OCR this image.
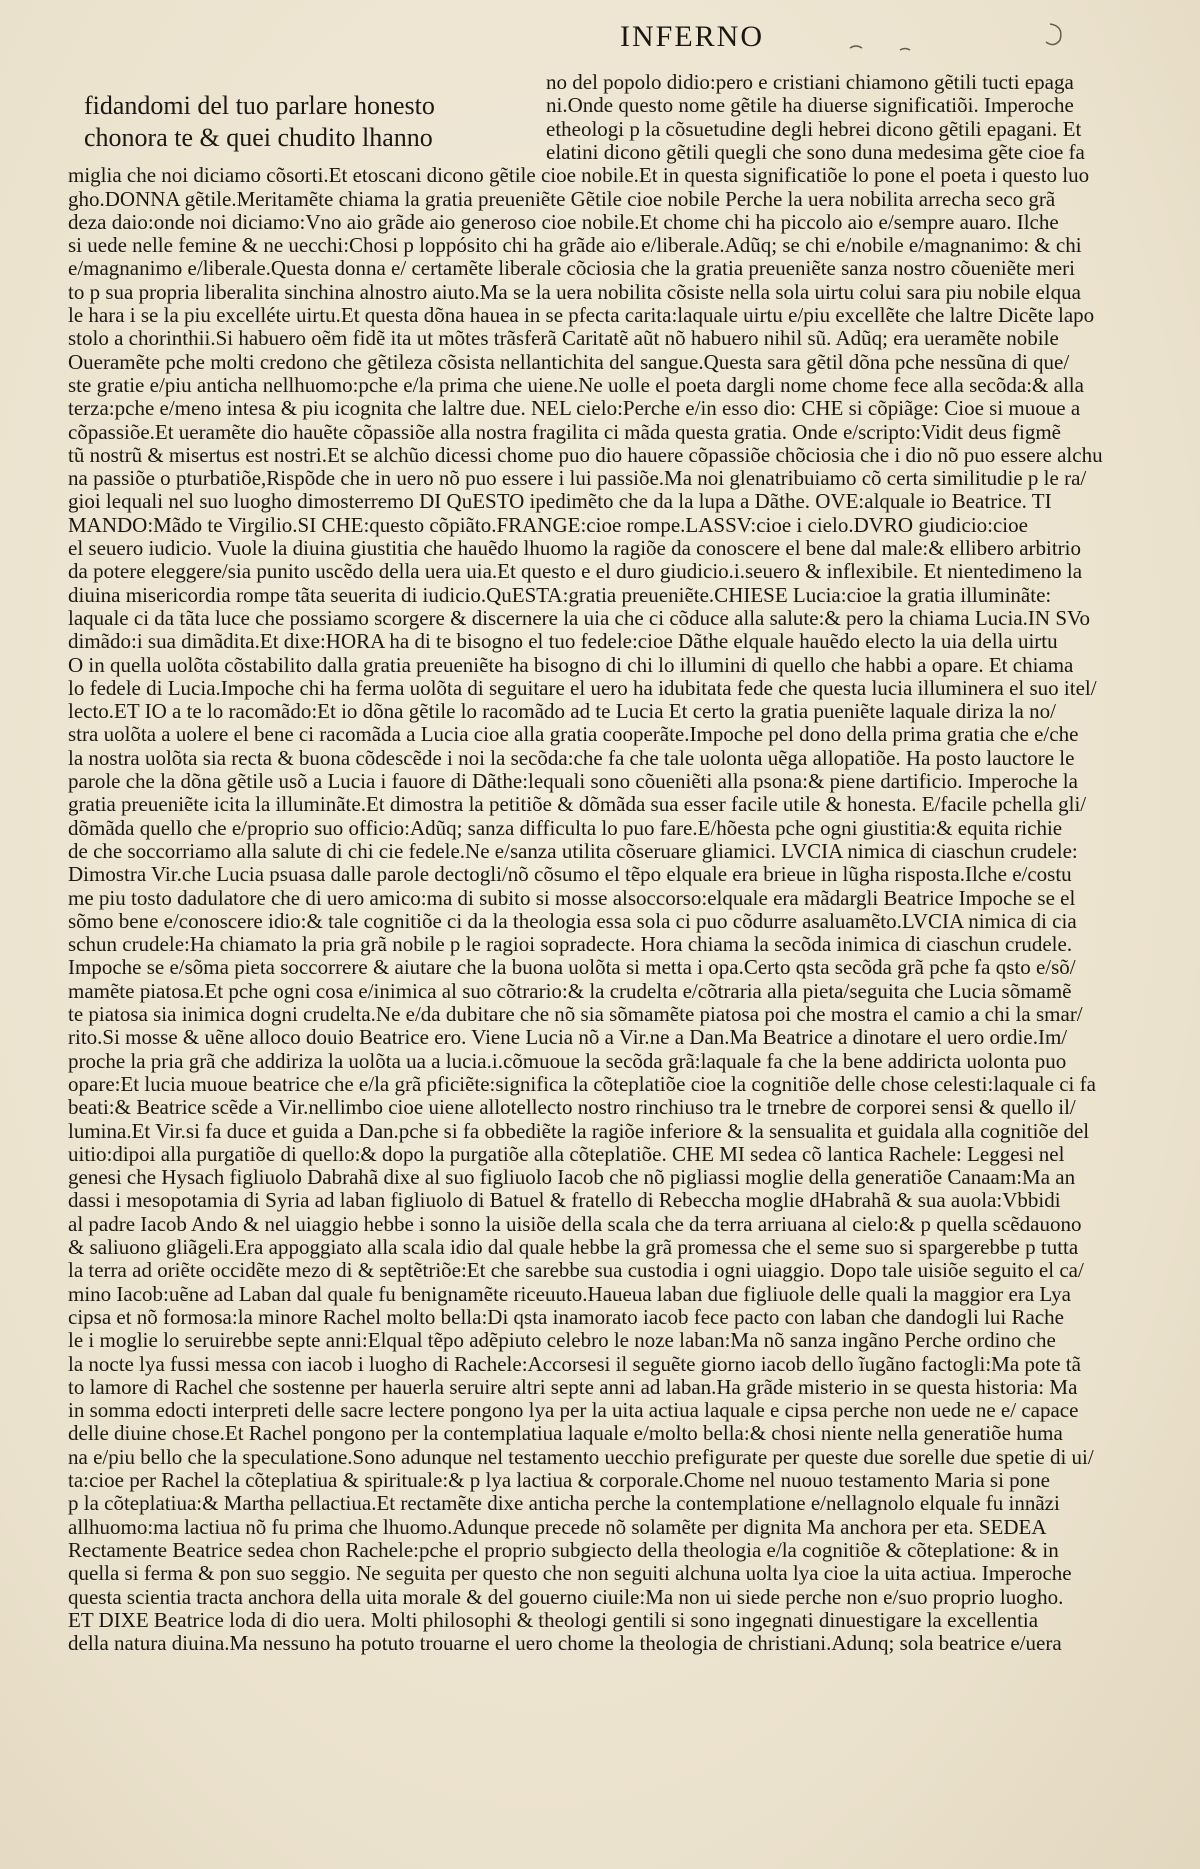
INFERNO
fidandomi del tuo parlare honesto
chonora te & quei chudito lhanno
no del popolo didio:pero e cristiani chiamono gẽtili tucti epaga
ni.Onde questo nome gẽtile ha diuerse significatiõi. Imperoche
etheologi p la cõsuetudine degli hebrei dicono gẽtili epagani. Et
elatini dicono gẽtili quegli che sono duna medesima gẽte cioe fa
miglia che noi diciamo cõsorti.Et etoscani dicono gẽtile cioe nobile.Et in questa significatiõe lo pone el poeta i questo luo
gho.DONNA gẽtile.Meritamẽte chiama la gratia preueniẽte Gẽtile cioe nobile Perche la uera nobilita arrecha seco grã
deza daio:onde noi diciamo:Vno aio grãde aio generoso cioe nobile.Et chome chi ha piccolo aio e/sempre auaro. Ilche
si uede nelle femine & ne uecchi:Chosi p loppósito chi ha grãde aio e/liberale.Adũq; se chi e/nobile e/magnanimo: & chi
e/magnanimo e/liberale.Questa donna e/ certamẽte liberale cõciosia che la gratia preueniẽte sanza nostro cõueniẽte meri
to p sua propria liberalita sinchina alnostro aiuto.Ma se la uera nobilita cõsiste nella sola uirtu colui sara piu nobile elqua
le hara i se la piu excelléte uirtu.Et questa dõna hauea in se pfecta carita:laquale uirtu e/piu excellẽte che laltre Dicẽte lapo
stolo a chorinthii.Si habuero oẽm fidẽ ita ut mõtes trãsferã Caritatẽ aũt nõ habuero nihil sũ. Adũq; era ueramẽte nobile
Oueramẽte pche molti credono che gẽtileza cõsista nellantichita del sangue.Questa sara gẽtil dõna pche nessũna di que/
ste gratie e/piu anticha nellhuomo:pche e/la prima che uiene.Ne uolle el poeta dargli nome chome fece alla secõda:& alla
terza:pche e/meno intesa & piu icognita che laltre due. NEL cielo:Perche e/in esso dio: CHE si cõpiãge: Cioe si muoue a
cõpassiõe.Et ueramẽte dio hauẽte cõpassiõe alla nostra fragilita ci mãda questa gratia. Onde e/scripto:Vidit deus figmẽ
tũ nostrũ & misertus est nostri.Et se alchũo dicessi chome puo dio hauere cõpassiõe chõciosia che i dio nõ puo essere alchu
na passiõe o pturbatiõe,Rispõde che in uero nõ puo essere i lui passiõe.Ma noi glenatribuiamo cõ certa similitudie p le ra/
gioi lequali nel suo luogho dimosterremo DI QuESTO ipedimẽto che da la lupa a Dãthe. OVE:alquale io Beatrice. TI
MANDO:Mãdo te Virgilio.SI CHE:questo cõpiãto.FRANGE:cioe rompe.LASSV:cioe i cielo.DVRO giudicio:cioe
el seuero iudicio. Vuole la diuina giustitia che hauẽdo lhuomo la ragiõe da conoscere el bene dal male:& ellibero arbitrio
da potere eleggere/sia punito uscẽdo della uera uia.Et questo e el duro giudicio.i.seuero & inflexibile. Et nientedimeno la
diuina misericordia rompe tãta seuerita di iudicio.QuESTA:gratia preueniẽte.CHIESE Lucia:cioe la gratia illuminãte:
laquale ci da tãta luce che possiamo scorgere & discernere la uia che ci cõduce alla salute:& pero la chiama Lucia.IN SVo
dimãdo:i sua dimãdita.Et dixe:HORA ha di te bisogno el tuo fedele:cioe Dãthe elquale hauẽdo electo la uia della uirtu
O in quella uolõta cõstabilito dalla gratia preueniẽte ha bisogno di chi lo illumini di quello che habbi a opare. Et chiama
lo fedele di Lucia.Impoche chi ha ferma uolõta di seguitare el uero ha idubitata fede che questa lucia illuminera el suo itel/
lecto.ET IO a te lo racomãdo:Et io dõna gẽtile lo racomãdo ad te Lucia Et certo la gratia pueniẽte laquale diriza la no/
stra uolõta a uolere el bene ci racomãda a Lucia cioe alla gratia cooperãte.Impoche pel dono della prima gratia che e/che
la nostra uolõta sia recta & buona cõdescẽde i noi la secõda:che fa che tale uolonta uẽga allopatiõe. Ha posto lauctore le
parole che la dõna gẽtile usõ a Lucia i fauore di Dãthe:lequali sono cõueniẽti alla psona:& piene dartificio. Imperoche la
gratia preueniẽte icita la illuminãte.Et dimostra la petitiõe & dõmãda sua esser facile utile & honesta. E/facile pchella gli/
dõmãda quello che e/proprio suo officio:Adũq; sanza difficulta lo puo fare.E/hõesta pche ogni giustitia:& equita richie
de che soccorriamo alla salute di chi cie fedele.Ne e/sanza utilita cõseruare gliamici. LVCIA nimica di ciaschun crudele:
Dimostra Vir.che Lucia psuasa dalle parole dectogli/nõ cõsumo el tẽpo elquale era brieue in lũgha risposta.Ilche e/costu
me piu tosto dadulatore che di uero amico:ma di subito si mosse alsoccorso:elquale era mãdargli Beatrice Impoche se el
sõmo bene e/conoscere idio:& tale cognitiõe ci da la theologia essa sola ci puo cõdurre asaluamẽto.LVCIA nimica di cia
schun crudele:Ha chiamato la pria grã nobile p le ragioi sopradecte. Hora chiama la secõda inimica di ciaschun crudele.
Impoche se e/sõma pieta soccorrere & aiutare che la buona uolõta si metta i opa.Certo qsta secõda grã pche fa qsto e/sõ/
mamẽte piatosa.Et pche ogni cosa e/inimica al suo cõtrario:& la crudelta e/cõtraria alla pieta/seguita che Lucia sõmamẽ
te piatosa sia inimica dogni crudelta.Ne e/da dubitare che nõ sia sõmamẽte piatosa poi che mostra el camio a chi la smar/
rito.Si mosse & uẽne alloco douio Beatrice ero. Viene Lucia nõ a Vir.ne a Dan.Ma Beatrice a dinotare el uero ordie.Im/
proche la pria grã che addiriza la uolõta ua a lucia.i.cõmuoue la secõda grã:laquale fa che la bene addiricta uolonta puo
opare:Et lucia muoue beatrice che e/la grã pficiẽte:significa la cõteplatiõe cioe la cognitiõe delle chose celesti:laquale ci fa
beati:& Beatrice scẽde a Vir.nellimbo cioe uiene allotellecto nostro rinchiuso tra le trnebre de corporei sensi & quello il/
lumina.Et Vir.si fa duce et guida a Dan.pche si fa obbediẽte la ragiõe inferiore & la sensualita et guidala alla cognitiõe del
uitio:dipoi alla purgatiõe di quello:& dopo la purgatiõe alla cõteplatiõe. CHE MI sedea cõ lantica Rachele: Leggesi nel
genesi che Hysach figliuolo Dabrahã dixe al suo figliuolo Iacob che nõ pigliassi moglie della generatiõe Canaam:Ma an
dassi i mesopotamia di Syria ad laban figliuolo di Batuel & fratello di Rebeccha moglie dHabrahã & sua auola:Vbbidi
al padre Iacob Ando & nel uiaggio hebbe i sonno la uisiõe della scala che da terra arriuana al cielo:& p quella scẽdauono
& saliuono gliãgeli.Era appoggiato alla scala idio dal quale hebbe la grã promessa che el seme suo si spargerebbe p tutta
la terra ad oriẽte occidẽte mezo di & septẽtriõe:Et che sarebbe sua custodia i ogni uiaggio. Dopo tale uisiõe seguito el ca/
mino Iacob:uẽne ad Laban dal quale fu benignamẽte riceuuto.Haueua laban due figliuole delle quali la maggior era Lya
cipsa et nõ formosa:la minore Rachel molto bella:Di qsta inamorato iacob fece pacto con laban che dandogli lui Rache
le i moglie lo seruirebbe septe anni:Elqual tẽpo adẽpiuto celebro le noze laban:Ma nõ sanza ingãno Perche ordino che
la nocte lya fussi messa con iacob i luogho di Rachele:Accorsesi il seguẽte giorno iacob dello ĩugãno factogli:Ma pote tã
to lamore di Rachel che sostenne per hauerla seruire altri septe anni ad laban.Ha grãde misterio in se questa historia: Ma
in somma edocti interpreti delle sacre lectere pongono lya per la uita actiua laquale e cipsa perche non uede ne e/ capace
delle diuine chose.Et Rachel pongono per la contemplatiua laquale e/molto bella:& chosi niente nella generatiõe huma
na e/piu bello che la speculatione.Sono adunque nel testamento uecchio prefigurate per queste due sorelle due spetie di ui/
ta:cioe per Rachel la cõteplatiua & spirituale:& p lya lactiua & corporale.Chome nel nuouo testamento Maria si pone
p la cõteplatiua:& Martha pellactiua.Et rectamẽte dixe anticha perche la contemplatione e/nellagnolo elquale fu innãzi
allhuomo:ma lactiua nõ fu prima che lhuomo.Adunque precede nõ solamẽte per dignita Ma anchora per eta. SEDEA
Rectamente Beatrice sedea chon Rachele:pche el proprio subgiecto della theologia e/la cognitiõe & cõteplatione: & in
quella si ferma & pon suo seggio. Ne seguita per questo che non seguiti alchuna uolta lya cioe la uita actiua. Imperoche
questa scientia tracta anchora della uita morale & del gouerno ciuile:Ma non ui siede perche non e/suo proprio luogho.
ET DIXE Beatrice loda di dio uera. Molti philosophi & theologi gentili si sono ingegnati dinuestigare la excellentia
della natura diuina.Ma nessuno ha potuto trouarne el uero chome la theologia de christiani.Adunq; sola beatrice e/uera
